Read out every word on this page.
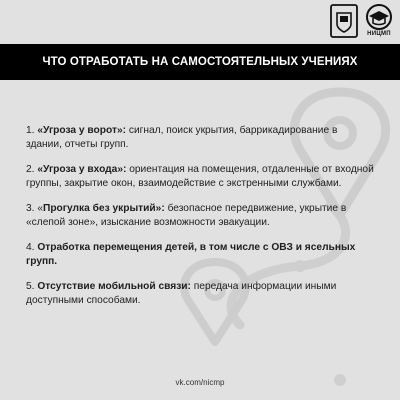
НИЦМП
ЧТО ОТРАБОТАТЬ НА САМОСТОЯТЕЛЬНЫХ УЧЕНИЯХ

1. «Угроза у ворот»: сигнал, поиск укрытия, баррикадирование в здании, отчеты групп.

2. «Угроза у входа»: ориентация на помещения, отдаленные от входной группы, закрытие окон, взаимодействие с экстренными службами.

3. «Прогулка без укрытий»: безопасное передвижение, укрытие в «слепой зоне», изыскание возможности эвакуации.

4. Отработка перемещения детей, в том числе с ОВЗ и ясельных групп.

5. Отсутствие мобильной связи: передача информации иными доступными способами.

vk.com/nicmp
